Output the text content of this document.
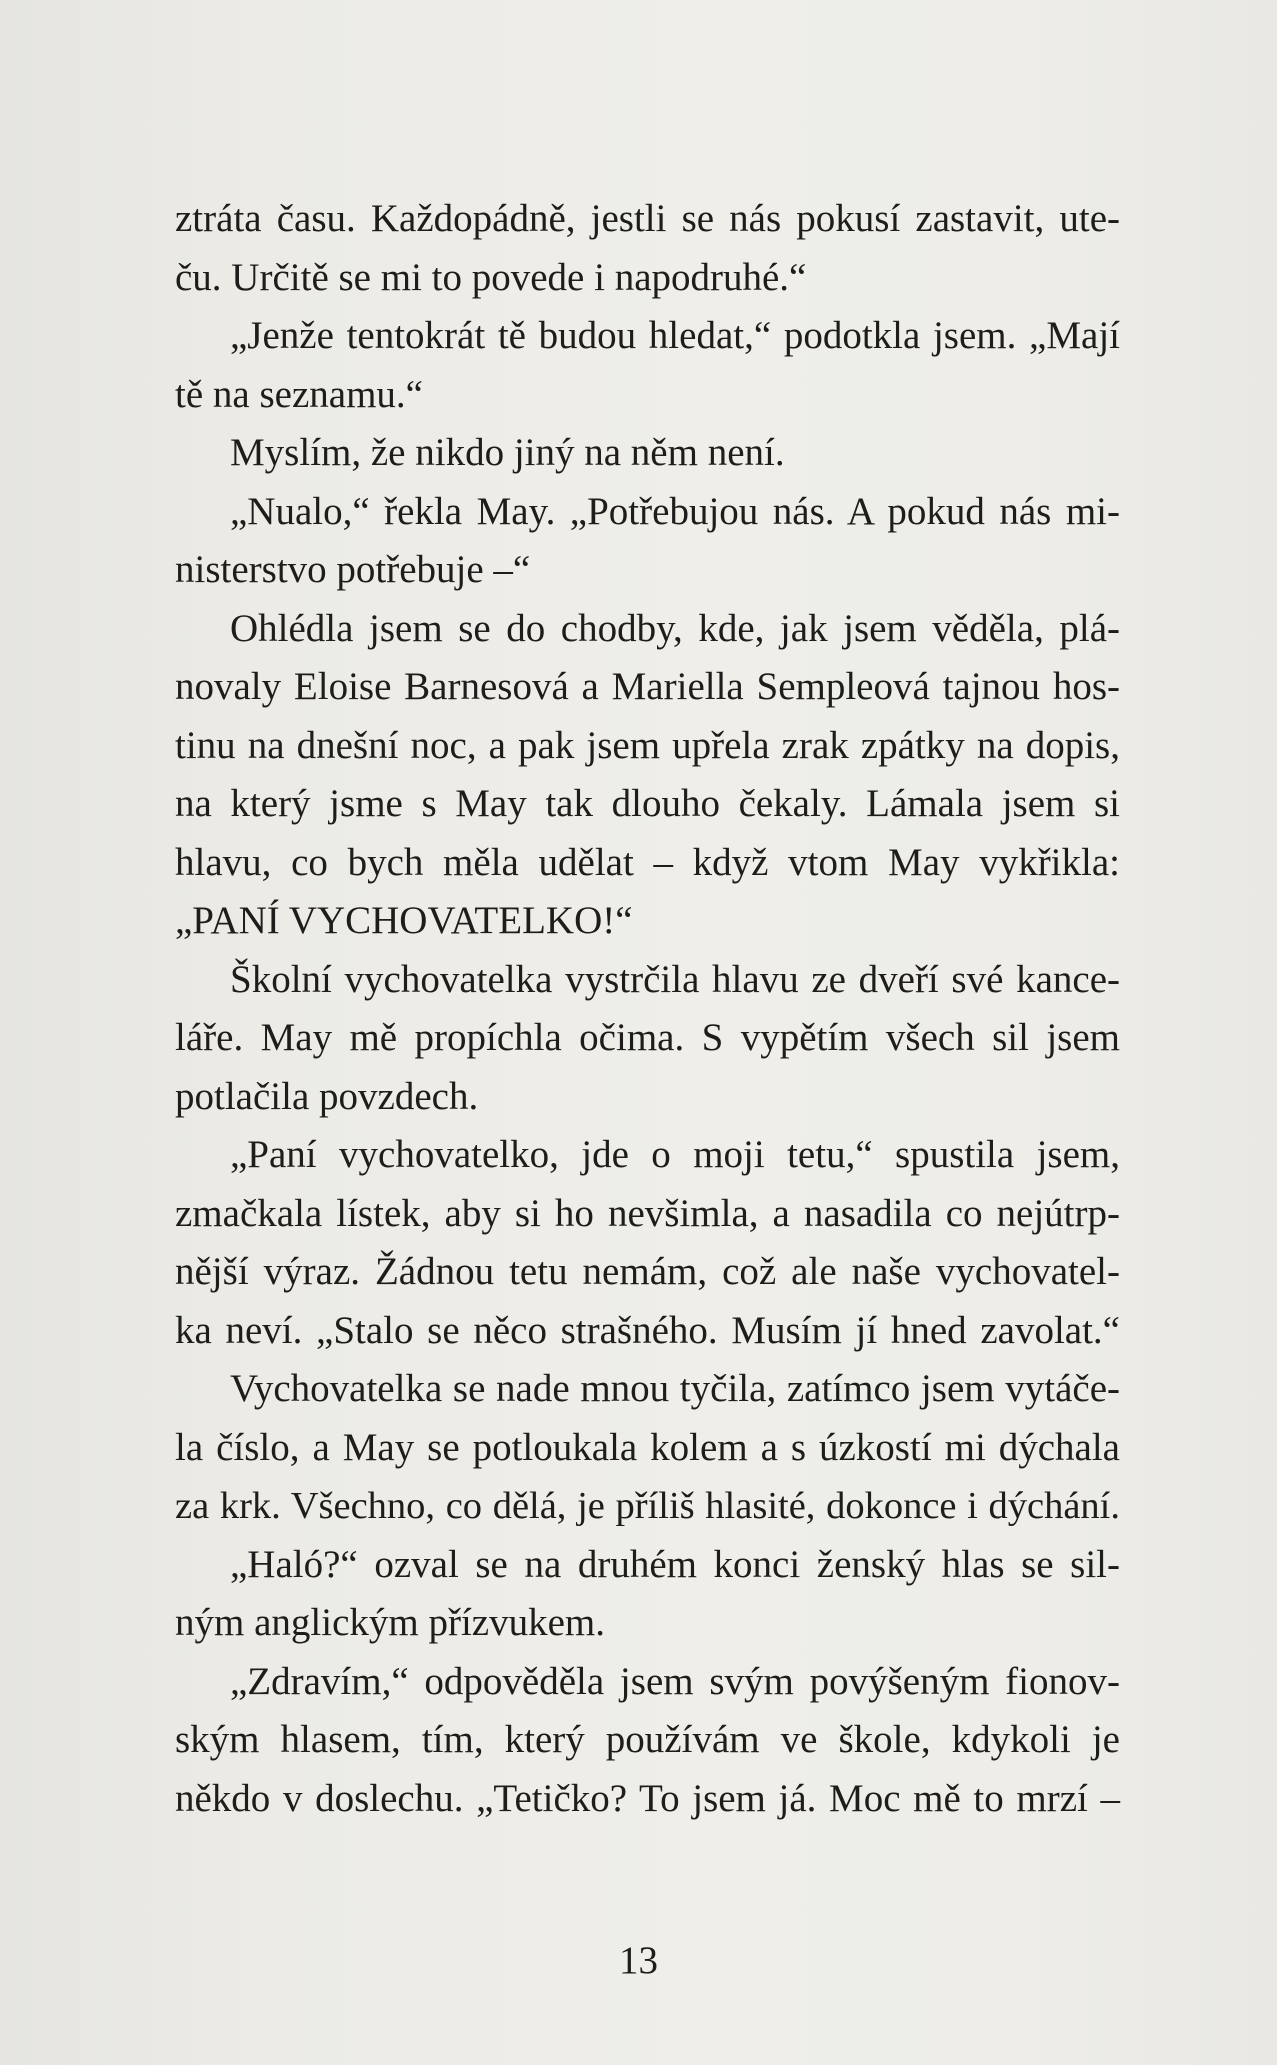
ztráta času. Každopádně, jestli se nás pokusí zastavit, ute-
ču. Určitě se mi to povede i napodruhé.“
„Jenže tentokrát tě budou hledat,“ podotkla jsem. „Mají
tě na seznamu.“
Myslím, že nikdo jiný na něm není.
„Nualo,“ řekla May. „Potřebujou nás. A pokud nás mi-
nisterstvo potřebuje –“
Ohlédla jsem se do chodby, kde, jak jsem věděla, plá-
novaly Eloise Barnesová a Mariella Sempleová tajnou hos-
tinu na dnešní noc, a pak jsem upřela zrak zpátky na dopis,
na který jsme s May tak dlouho čekaly. Lámala jsem si
hlavu, co bych měla udělat – když vtom May vykřikla:
„PANÍ VYCHOVATELKO!“
Školní vychovatelka vystrčila hlavu ze dveří své kance-
láře. May mě propíchla očima. S vypětím všech sil jsem
potlačila povzdech.
„Paní vychovatelko, jde o moji tetu,“ spustila jsem,
zmačkala lístek, aby si ho nevšimla, a nasadila co nejútrp-
nější výraz. Žádnou tetu nemám, což ale naše vychovatel-
ka neví. „Stalo se něco strašného. Musím jí hned zavolat.“
Vychovatelka se nade mnou tyčila, zatímco jsem vytáče-
la číslo, a May se potloukala kolem a s úzkostí mi dýchala
za krk. Všechno, co dělá, je příliš hlasité, dokonce i dýchání.
„Haló?“ ozval se na druhém konci ženský hlas se sil-
ným anglickým přízvukem.
„Zdravím,“ odpověděla jsem svým povýšeným fionov-
ským hlasem, tím, který používám ve škole, kdykoli je
někdo v doslechu. „Tetičko? To jsem já. Moc mě to mrzí –
13
